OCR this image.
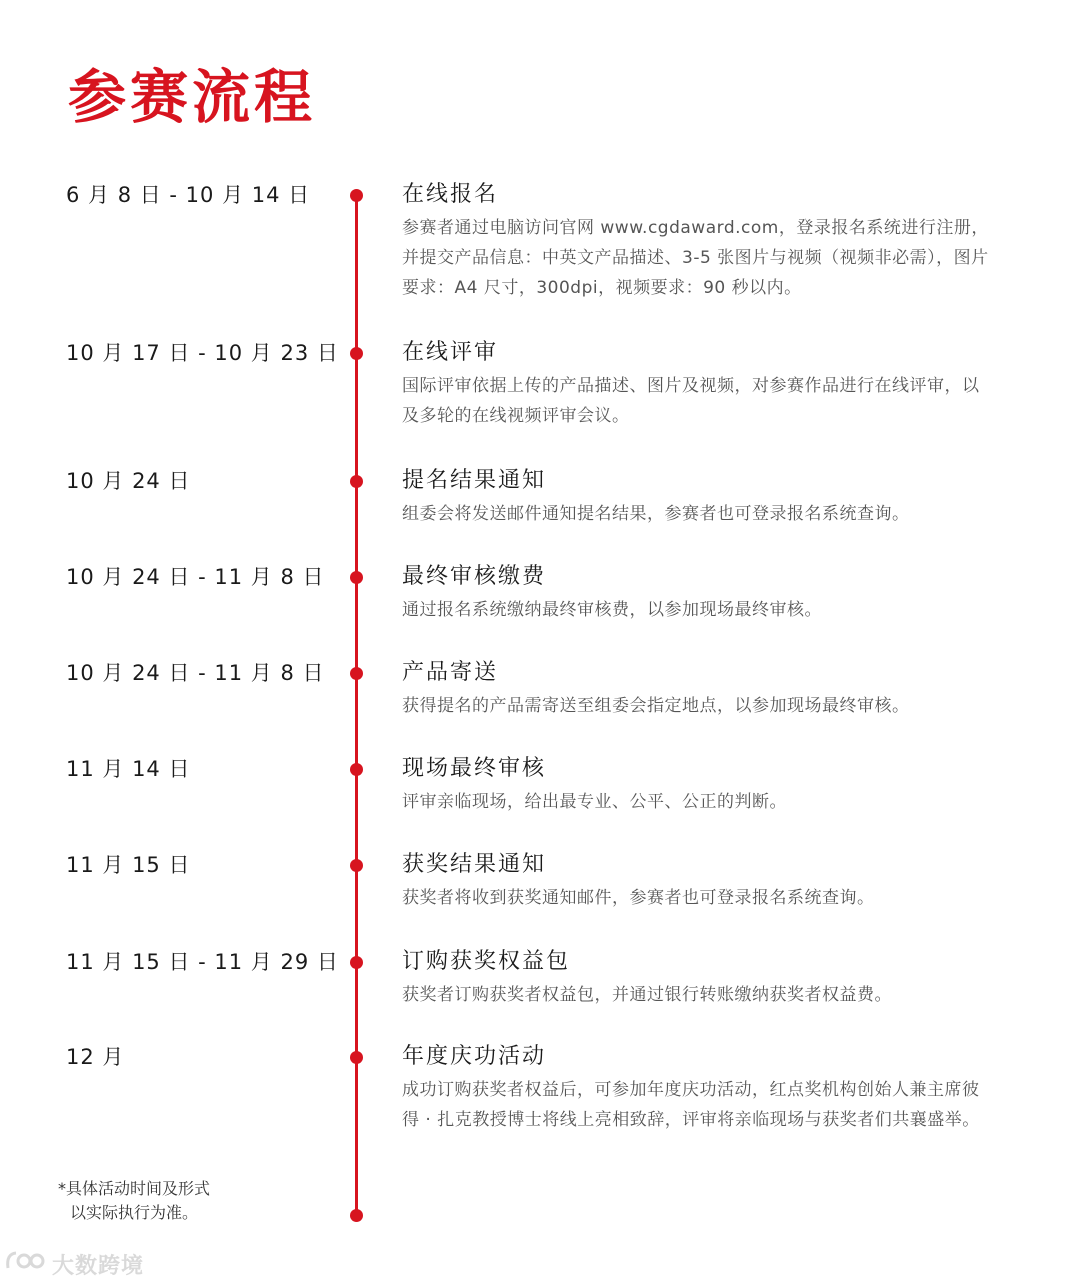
参赛流程
6 月 8 日 - 10 月 14 日	在线报名
参赛者通过电脑访问官网 www.cgdaward.com，登录报名系统进行注册，并提交产品信息：中英文产品描述、3-5 张图片与视频（视频非必需），图片要求：A4 尺寸，300dpi，视频要求：90 秒以内。
10 月 17 日 - 10 月 23 日	在线评审
国际评审依据上传的产品描述、图片及视频，对参赛作品进行在线评审，以及多轮的在线视频评审会议。
10 月 24 日	提名结果通知
组委会将发送邮件通知提名结果，参赛者也可登录报名系统查询。
10 月 24 日 - 11 月 8 日	最终审核缴费
通过报名系统缴纳最终审核费，以参加现场最终审核。
10 月 24 日 - 11 月 8 日	产品寄送
获得提名的产品需寄送至组委会指定地点，以参加现场最终审核。
11 月 14 日	现场最终审核
评审亲临现场，给出最专业、公平、公正的判断。
11 月 15 日	获奖结果通知
获奖者将收到获奖通知邮件，参赛者也可登录报名系统查询。
11 月 15 日 - 11 月 29 日	订购获奖权益包
获奖者订购获奖者权益包，并通过银行转账缴纳获奖者权益费。
12 月	年度庆功活动
成功订购获奖者权益后，可参加年度庆功活动，红点奖机构创始人兼主席彼得 · 扎克教授博士将线上亮相致辞，评审将亲临现场与获奖者们共襄盛举。
*具体活动时间及形式
以实际执行为准。
大数跨境
